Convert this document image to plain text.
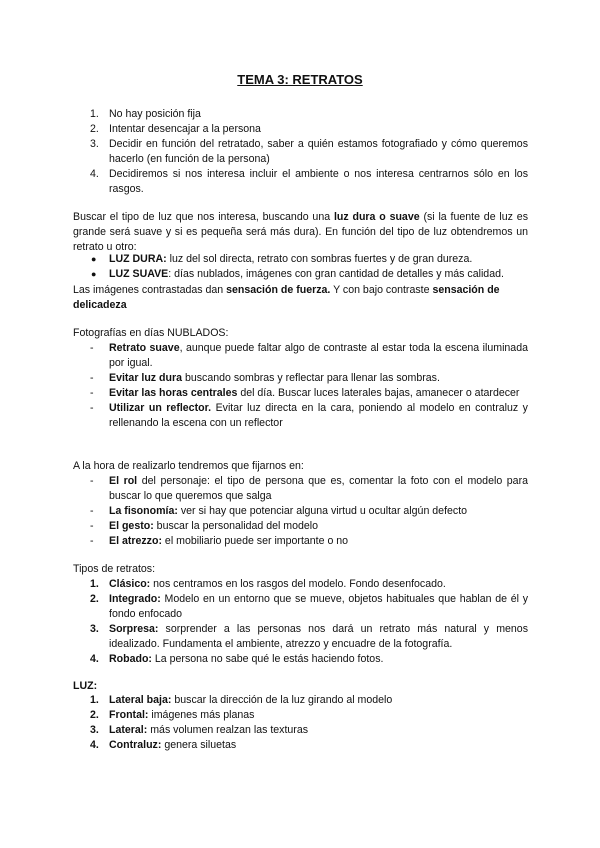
TEMA 3: RETRATOS
1. No hay posición fija
2. Intentar desencajar a la persona
3. Decidir en función del retratado, saber a quién estamos fotografiado y cómo queremos hacerlo (en función de la persona)
4. Decidiremos si nos interesa incluir el ambiente o nos interesa centrarnos sólo en los rasgos.

Buscar el tipo de luz que nos interesa, buscando una luz dura o suave (si la fuente de luz es grande será suave y si es pequeña será más dura). En función del tipo de luz obtendremos un retrato u otro:

● LUZ DURA: luz del sol directa, retrato con sombras fuertes y de gran dureza.
● LUZ SUAVE: días nublados, imágenes con gran cantidad de detalles y más calidad.

Las imágenes contrastadas dan sensación de fuerza. Y con bajo contraste sensación de delicadeza

Fotografías en días NUBLADOS:

- Retrato suave, aunque puede faltar algo de contraste al estar toda la escena iluminada por igual.
- Evitar luz dura buscando sombras y reflectar para llenar las sombras.
- Evitar las horas centrales del día. Buscar luces laterales bajas, amanecer o atardecer
- Utilizar un reflector. Evitar luz directa en la cara, poniendo al modelo en contraluz y rellenando la escena con un reflector

A la hora de realizarlo tendremos que fijarnos en:

- El rol del personaje: el tipo de persona que es, comentar la foto con el modelo para buscar lo que queremos que salga
- La fisonomía: ver si hay que potenciar alguna virtud u ocultar algún defecto
- El gesto: buscar la personalidad del modelo
- El atrezzo: el mobiliario puede ser importante o no

Tipos de retratos:

1. Clásico: nos centramos en los rasgos del modelo. Fondo desenfocado.
2. Integrado: Modelo en un entorno que se mueve, objetos habituales que hablan de él y fondo enfocado
3. Sorpresa: sorprender a las personas nos dará un retrato más natural y menos idealizado. Fundamenta el ambiente, atrezzo y encuadre de la fotografía.
4. Robado: La persona no sabe qué le estás haciendo fotos.

LUZ:

1. Lateral baja: buscar la dirección de la luz girando al modelo
2. Frontal: imágenes más planas
3. Lateral: más volumen realzan las texturas
4. Contraluz: genera siluetas
